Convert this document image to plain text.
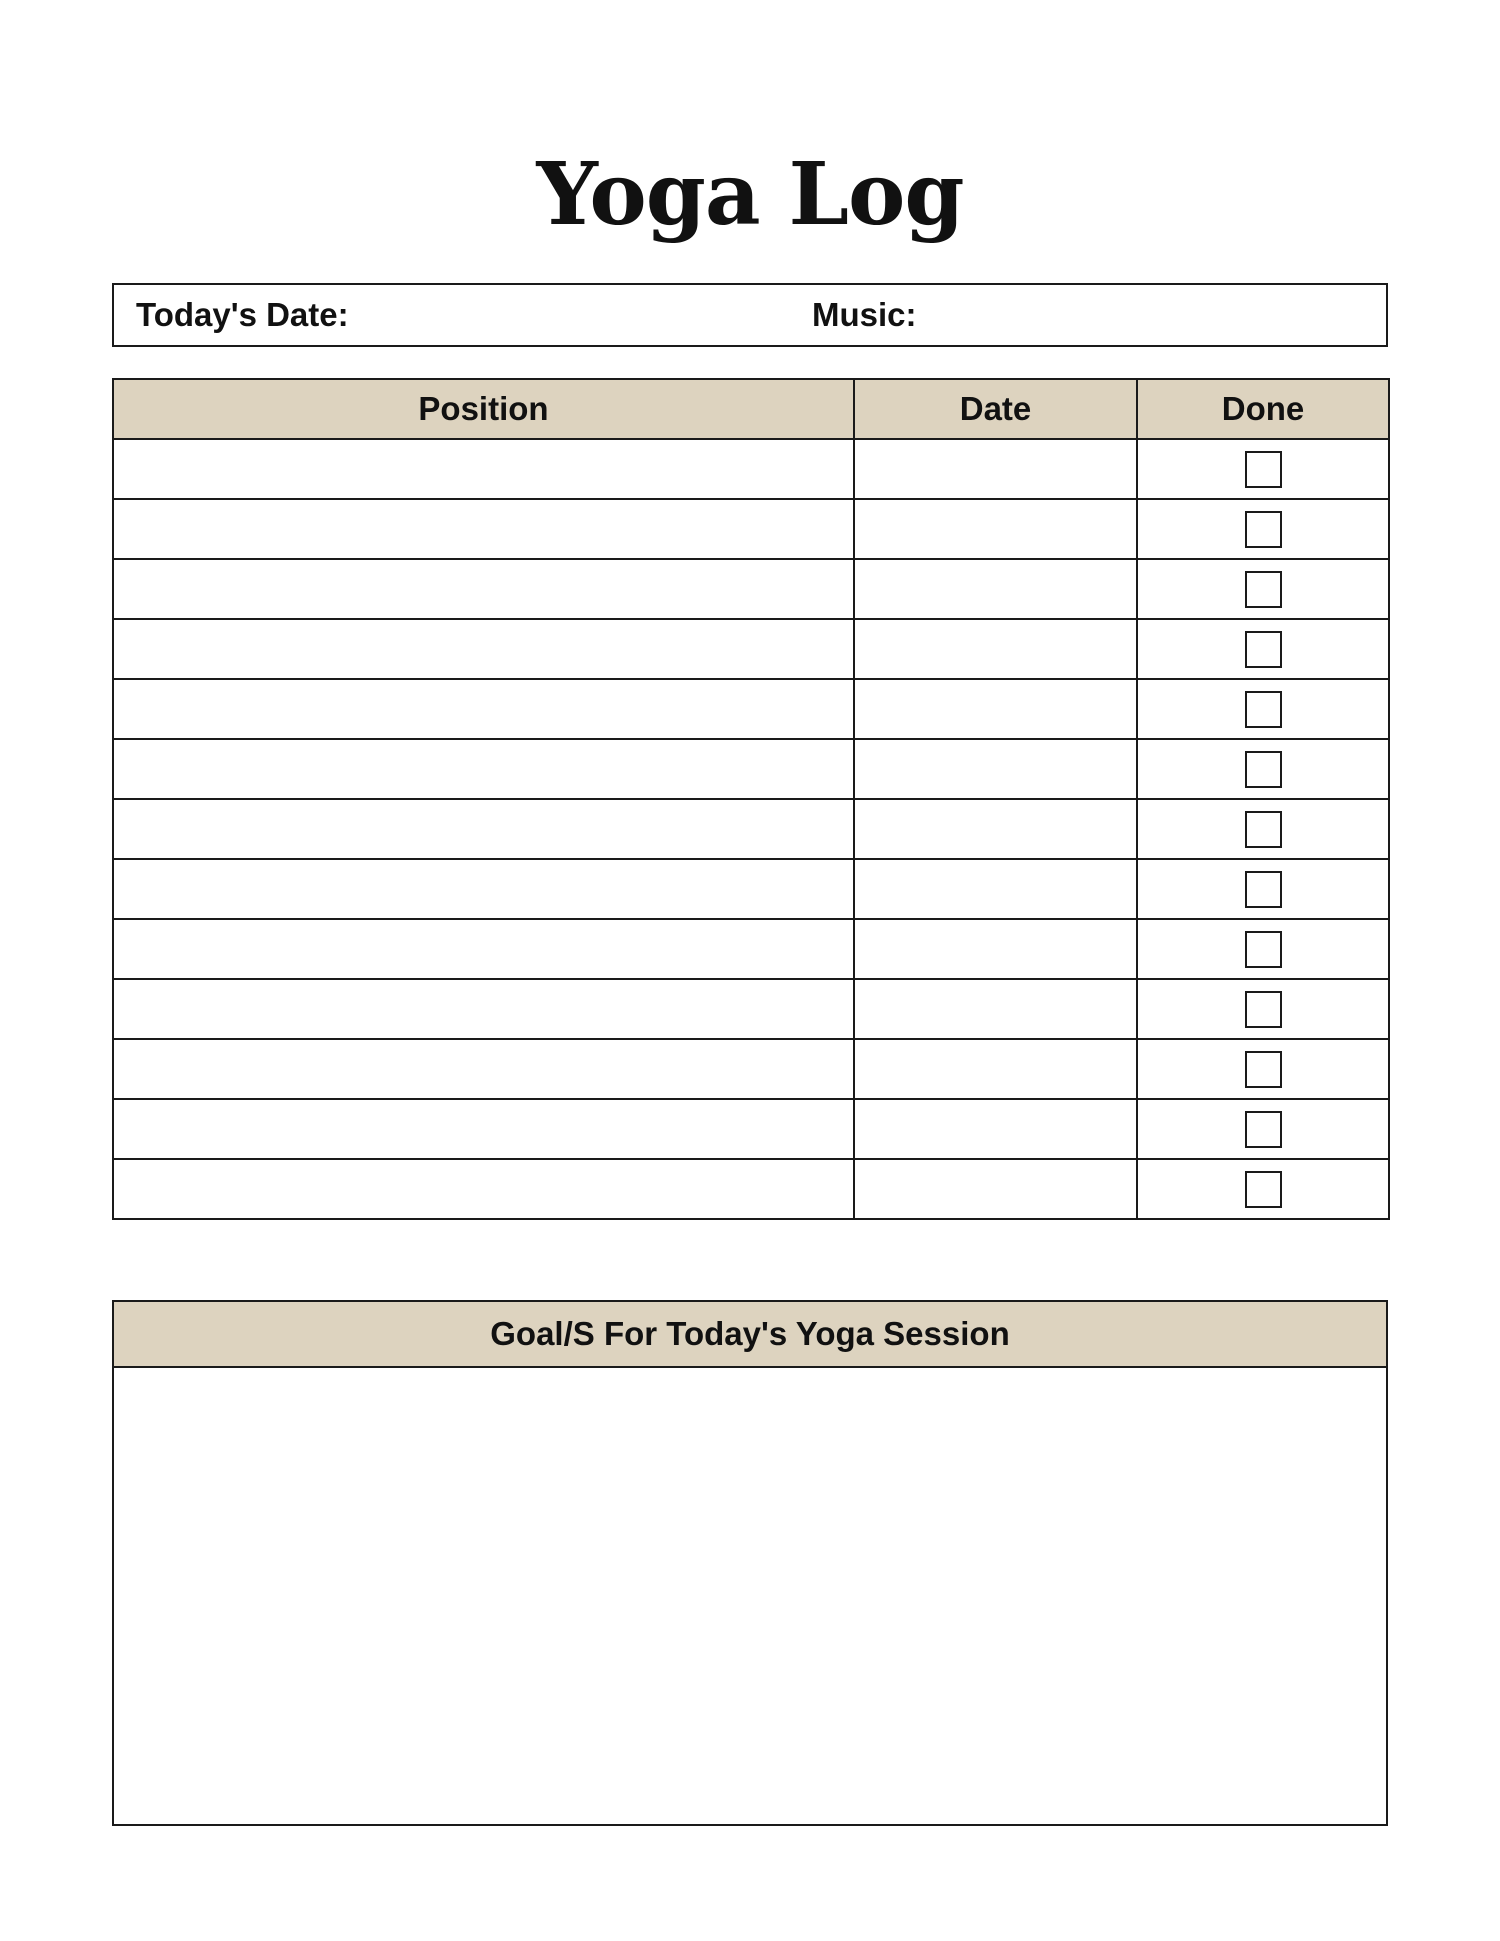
Yoga Log
Today's Date:	Music:
Position	Date	Done

Goal/S For Today's Yoga Session
